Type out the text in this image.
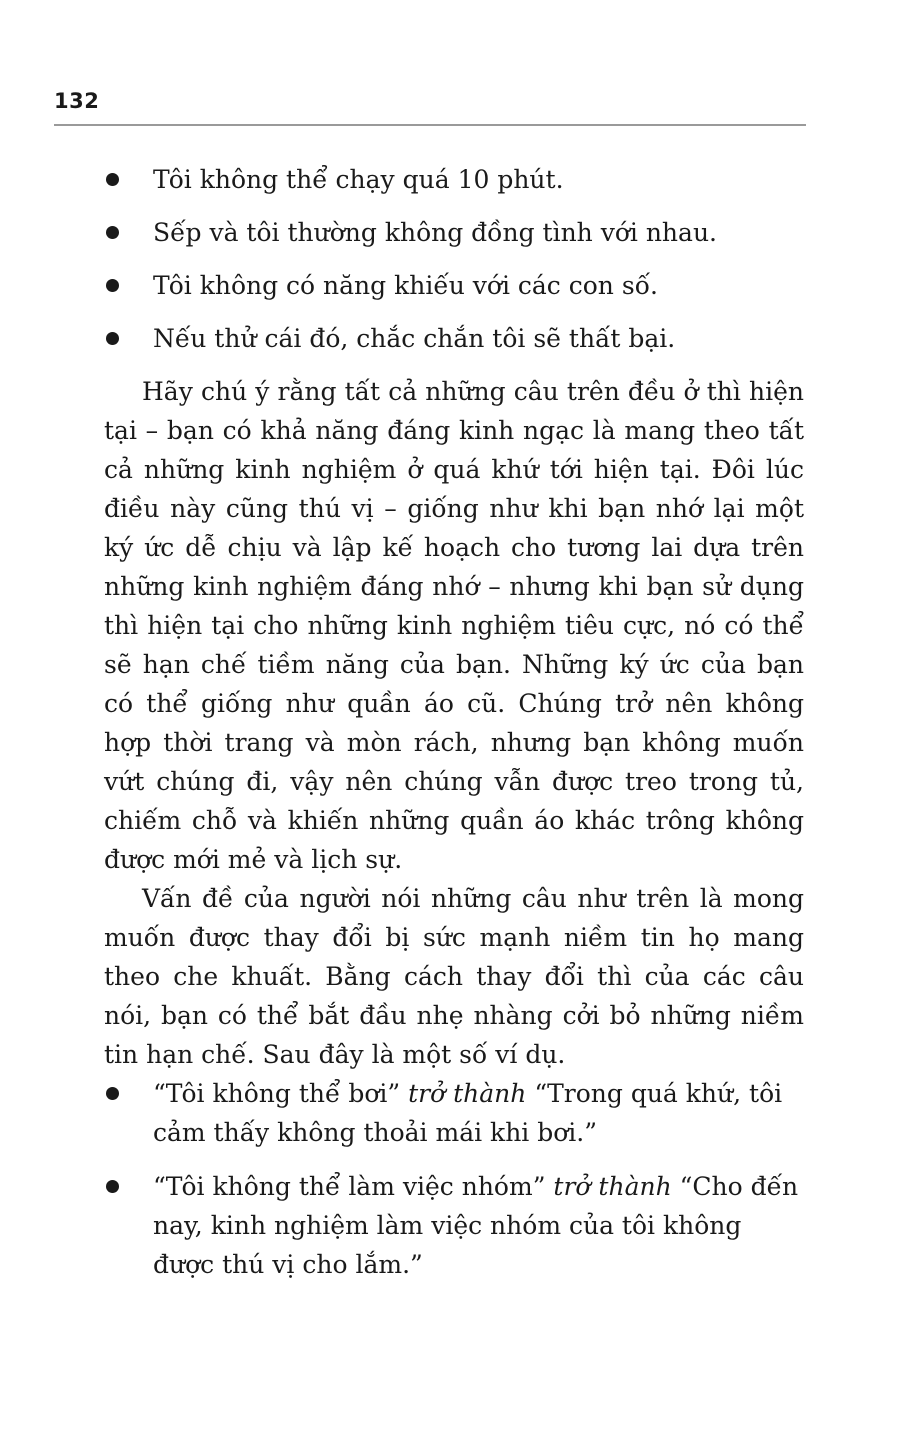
132
Tôi không thể chạy quá 10 phút.
Sếp và tôi thường không đồng tình với nhau.
Tôi không có năng khiếu với các con số.
Nếu thử cái đó, chắc chắn tôi sẽ thất bại.

Hãy chú ý rằng tất cả những câu trên đều ở thì hiện tại – bạn có khả năng đáng kinh ngạc là mang theo tất cả những kinh nghiệm ở quá khứ tới hiện tại. Đôi lúc điều này cũng thú vị – giống như khi bạn nhớ lại một ký ức dễ chịu và lập kế hoạch cho tương lai dựa trên những kinh nghiệm đáng nhớ – nhưng khi bạn sử dụng thì hiện tại cho những kinh nghiệm tiêu cực, nó có thể sẽ hạn chế tiềm năng của bạn. Những ký ức của bạn có thể giống như quần áo cũ. Chúng trở nên không hợp thời trang và mòn rách, nhưng bạn không muốn vứt chúng đi, vậy nên chúng vẫn được treo trong tủ, chiếm chỗ và khiến những quần áo khác trông không được mới mẻ và lịch sự.

Vấn đề của người nói những câu như trên là mong muốn được thay đổi bị sức mạnh niềm tin họ mang theo che khuất. Bằng cách thay đổi thì của các câu nói, bạn có thể bắt đầu nhẹ nhàng cởi bỏ những niềm tin hạn chế. Sau đây là một số ví dụ.

“Tôi không thể bơi” trở thành “Trong quá khứ, tôi cảm thấy không thoải mái khi bơi.”
“Tôi không thể làm việc nhóm” trở thành “Cho đến nay, kinh nghiệm làm việc nhóm của tôi không được thú vị cho lắm.”
